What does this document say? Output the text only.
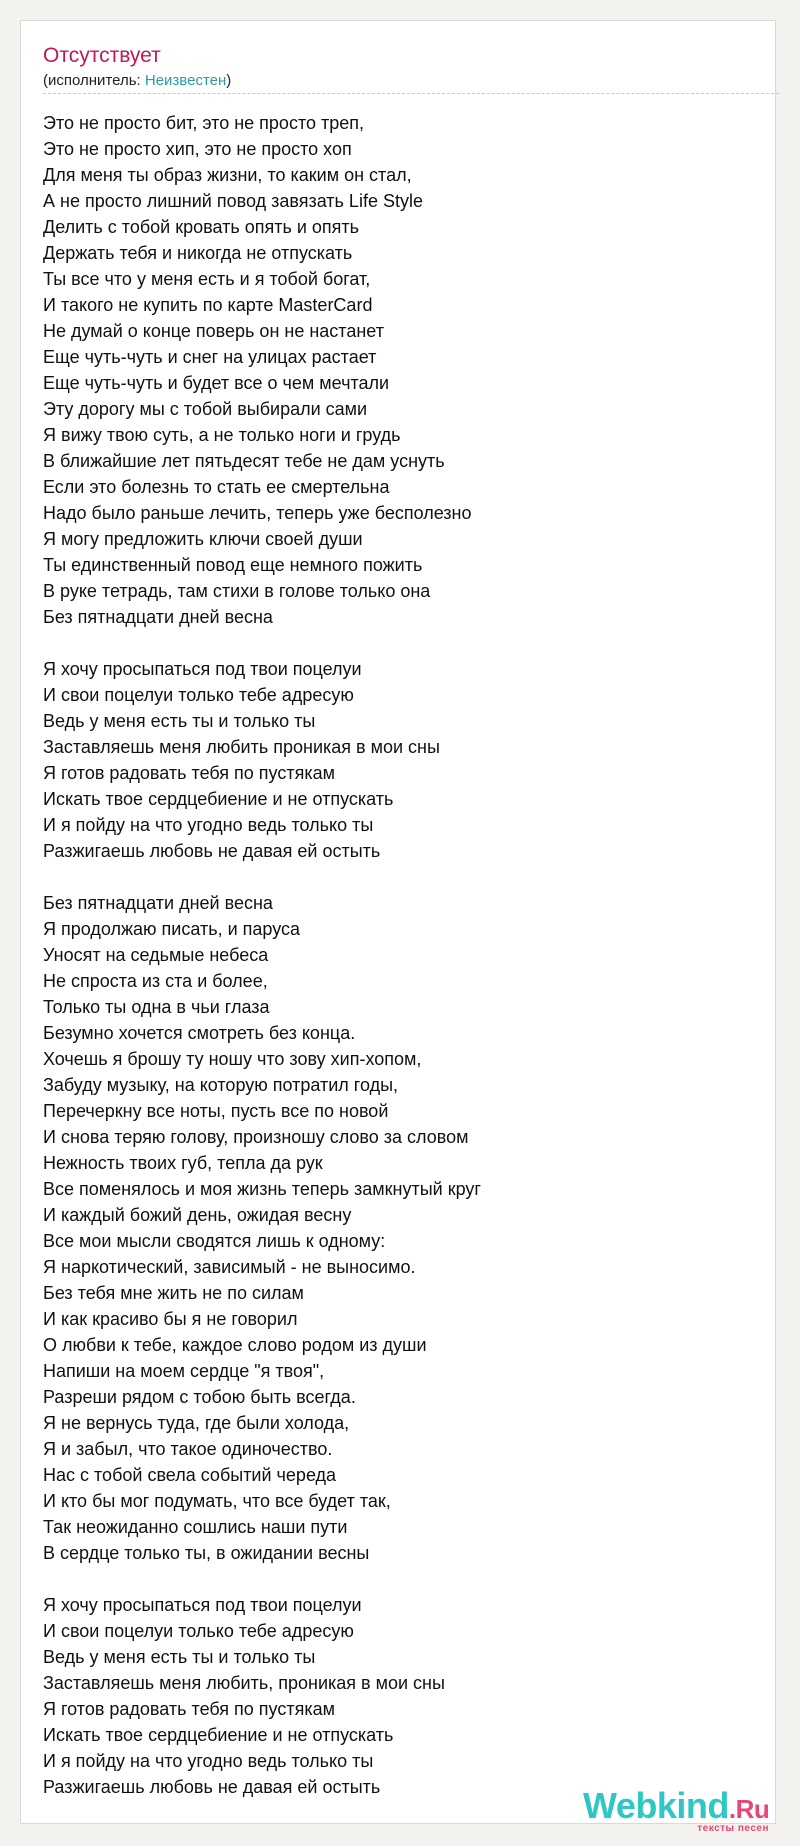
Отсутствует
(исполнитель: Неизвестен)
Это не просто бит, это не просто треп,
Это не просто хип, это не просто хоп
Для меня ты образ жизни, то каким он стал,
А не просто лишний повод завязать Life Style
Делить с тобой кровать опять и опять
Держать тебя и никогда не отпускать
Ты все что у меня есть и я тобой богат,
И такого не купить по карте MasterCard
Не думай о конце поверь он не настанет
Еще чуть-чуть и снег на улицах растает
Еще чуть-чуть и будет все о чем мечтали
Эту дорогу мы с тобой выбирали сами
Я вижу твою суть, а не только ноги и грудь
В ближайшие лет пятьдесят тебе не дам уснуть
Если это болезнь то стать ее смертельна
Надо было раньше лечить, теперь уже бесполезно
Я могу предложить ключи своей души
Ты единственный повод еще немного пожить
В руке тетрадь, там стихи в голове только она
Без пятнадцати дней весна
Я хочу просыпаться под твои поцелуи
И свои поцелуи только тебе адресую
Ведь у меня есть ты и только ты
Заставляешь меня любить проникая в мои сны
Я готов радовать тебя по пустякам
Искать твое сердцебиение и не отпускать
И я пойду на что угодно ведь только ты
Разжигаешь любовь не давая ей остыть
Без пятнадцати дней весна
Я продолжаю писать, и паруса
Уносят на седьмые небеса
Не спроста из ста и более,
Только ты одна в чьи глаза
Безумно хочется смотреть без конца.
Хочешь я брошу ту ношу что зову хип-хопом,
Забуду музыку, на которую потратил годы,
Перечеркну все ноты, пусть все по новой
И снова теряю голову, произношу слово за словом
Нежность твоих губ, тепла да рук
Все поменялось и моя жизнь теперь замкнутый круг
И каждый божий день, ожидая весну
Все мои мысли сводятся лишь к одному:
Я наркотический, зависимый - не выносимо.
Без тебя мне жить не по силам
И как красиво бы я не говорил
О любви к тебе, каждое слово родом из души
Напиши на моем сердце "я твоя",
Разреши рядом с тобою быть всегда.
Я не вернусь туда, где были холода,
Я и забыл, что такое одиночество.
Нас с тобой свела событий череда
И кто бы мог подумать, что все будет так,
Так неожиданно сошлись наши пути
В сердце только ты, в ожидании весны
Я хочу просыпаться под твои поцелуи
И свои поцелуи только тебе адресую
Ведь у меня есть ты и только ты
Заставляешь меня любить, проникая в мои сны
Я готов радовать тебя по пустякам
Искать твое сердцебиение и не отпускать
И я пойду на что угодно ведь только ты
Разжигаешь любовь не давая ей остыть	Webkind.Ru
тексты песен
